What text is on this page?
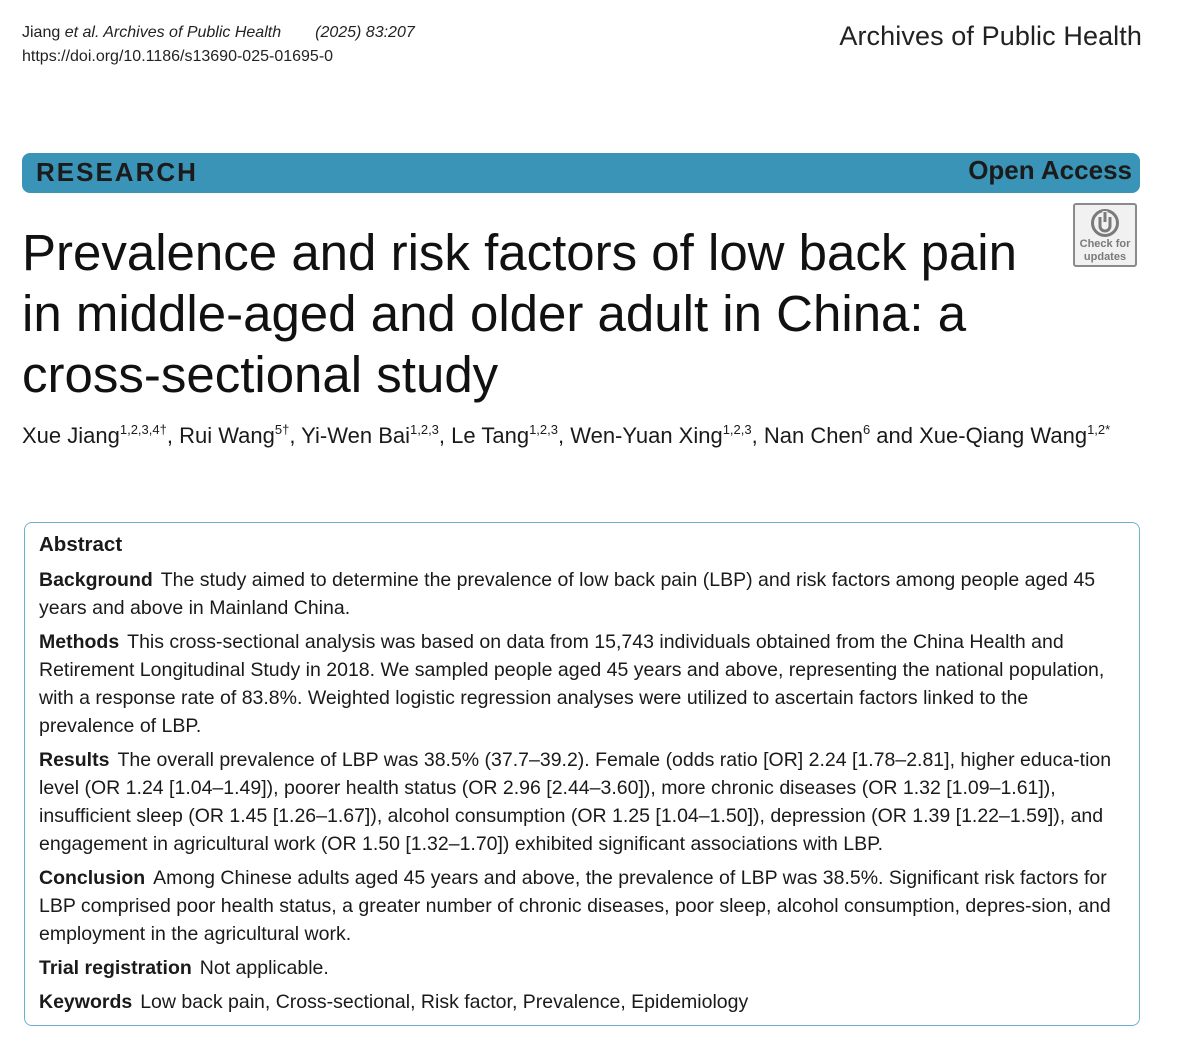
Jiang et al. Archives of Public Health (2025) 83:207
https://doi.org/10.1186/s13690-025-01695-0
Archives of Public Health
RESEARCH	Open Access
Check for
updates
Prevalence and risk factors of low back pain in middle-aged and older adult in China: a cross-sectional study
Xue Jiang$^{1,2,3,4\dagger}$, Rui Wang$^{5\dagger}$, Yi-Wen Bai$^{1,2,3}$, Le Tang$^{1,2,3}$, Wen-Yuan Xing$^{1,2,3}$, Nan Chen$^6$ and Xue-Qiang Wang$^{1,2*}$
Abstract
Background The study aimed to determine the prevalence of low back pain (LBP) and risk factors among people aged 45 years and above in Mainland China.
Methods This cross-sectional analysis was based on data from 15,743 individuals obtained from the China Health and Retirement Longitudinal Study in 2018. We sampled people aged 45 years and above, representing the national population, with a response rate of 83.8%. Weighted logistic regression analyses were utilized to ascertain factors linked to the prevalence of LBP.
Results The overall prevalence of LBP was 38.5% (37.7–39.2). Female (odds ratio [OR] 2.24 [1.78–2.81], higher educa-tion level (OR 1.24 [1.04–1.49]), poorer health status (OR 2.96 [2.44–3.60]), more chronic diseases (OR 1.32 [1.09–1.61]), insufficient sleep (OR 1.45 [1.26–1.67]), alcohol consumption (OR 1.25 [1.04–1.50]), depression (OR 1.39 [1.22–1.59]), and engagement in agricultural work (OR 1.50 [1.32–1.70]) exhibited significant associations with LBP.
Conclusion Among Chinese adults aged 45 years and above, the prevalence of LBP was 38.5%. Significant risk factors for LBP comprised poor health status, a greater number of chronic diseases, poor sleep, alcohol consumption, depres-sion, and employment in the agricultural work.
Trial registration Not applicable.
Keywords Low back pain, Cross-sectional, Risk factor, Prevalence, Epidemiology
